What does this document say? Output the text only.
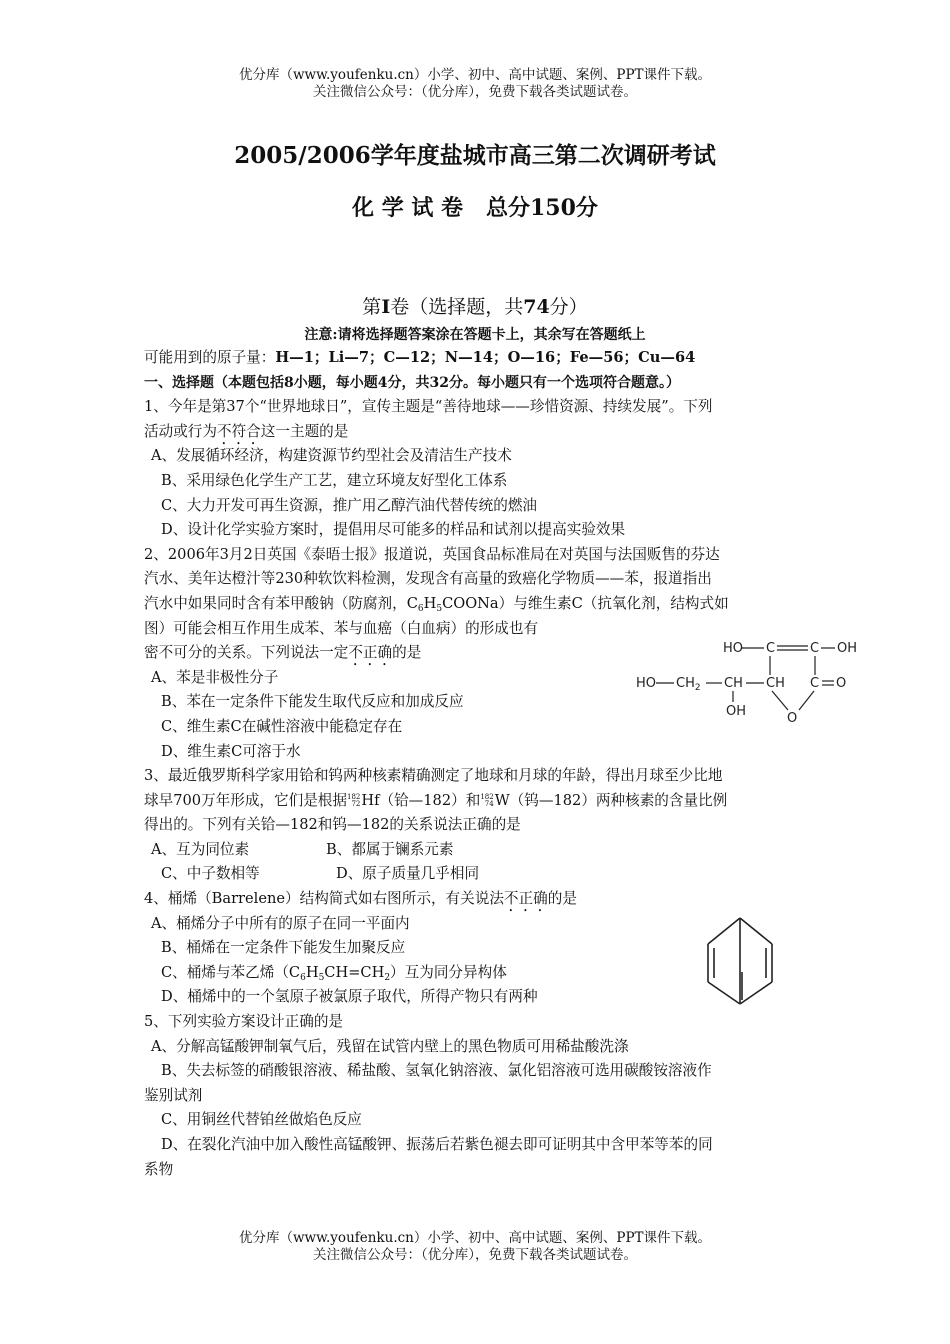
优分库（www.youfenku.cn）小学、初中、高中试题、案例、PPT课件下载。
关注微信公众号：（优分库），免费下载各类试题试卷。
2005/2006学年度盐城市高三第二次调研考试
化 学 试 卷   总分150分
第I卷（选择题，共74分）
注意:请将选择题答案涂在答题卡上，其余写在答题纸上
可能用到的原子量：H—1；Li—7；C—12；N—14；O—16；Fe—56；Cu—64
一、选择题（本题包括8小题，每小题4分，共32分。每小题只有一个选项符合题意。）
1、今年是第37个“世界地球日”，宣传主题是“善待地球——珍惜资源、持续发展”。下列
活动或行为不符合这一主题的是
A、发展循环经济，构建资源节约型社会及清洁生产技术
B、采用绿色化学生产工艺，建立环境友好型化工体系
C、大力开发可再生资源，推广用乙醇汽油代替传统的燃油
D、设计化学实验方案时，提倡用尽可能多的样品和试剂以提高实验效果
2、2006年3月2日英国《泰晤士报》报道说，英国食品标准局在对英国与法国贩售的芬达
汽水、美年达橙汁等230种软饮料检测，发现含有高量的致癌化学物质——苯，报道指出
汽水中如果同时含有苯甲酸钠（防腐剂，$C_6H_5COONa$）与维生素C（抗氧化剂，结构式如
图）可能会相互作用生成苯、苯与血癌（白血病）的形成也有
密不可分的关系。下列说法一定不正确的是
A、苯是非极性分子
B、苯在一定条件下能发生取代反应和加成反应
C、维生素C在碱性溶液中能稳定存在
D、维生素C可溶于水
3、最近俄罗斯科学家用铪和钨两种核素精确测定了地球和月球的年龄，得出月球至少比地
球早700万年形成，它们是根据182
72Hf（铪—182）和182
74W（钨—182）两种核素的含量比例
得出的。下列有关铪—182和钨—182的关系说法正确的是
A、互为同位素	B、都属于镧系元素
C、中子数相等	D、原子质量几乎相同
4、桶烯（Barrelene）结构简式如右图所示，有关说法不正确的是
A、桶烯分子中所有的原子在同一平面内
B、桶烯在一定条件下能发生加聚反应
C、桶烯与苯乙烯$(C_6H_5CH=CH_2)$互为同分异构体
D、桶烯中的一个氢原子被氯原子取代，所得产物只有两种
5、下列实验方案设计正确的是
A、分解高锰酸钾制氧气后，残留在试管内壁上的黑色物质可用稀盐酸洗涤
B、失去标签的硝酸银溶液、稀盐酸、氢氧化钠溶液、氯化铝溶液可选用碳酸铵溶液作
鉴别试剂
C、用铜丝代替铂丝做焰色反应
D、在裂化汽油中加入酸性高锰酸钾、振荡后若紫色褪去即可证明其中含甲苯等苯的同
系物
HO C	C OH
HO $CH_2$ CH CH C O
OH	O
优分库（www.youfenku.cn）小学、初中、高中试题、案例、PPT课件下载。
关注微信公众号：（优分库），免费下载各类试题试卷。
